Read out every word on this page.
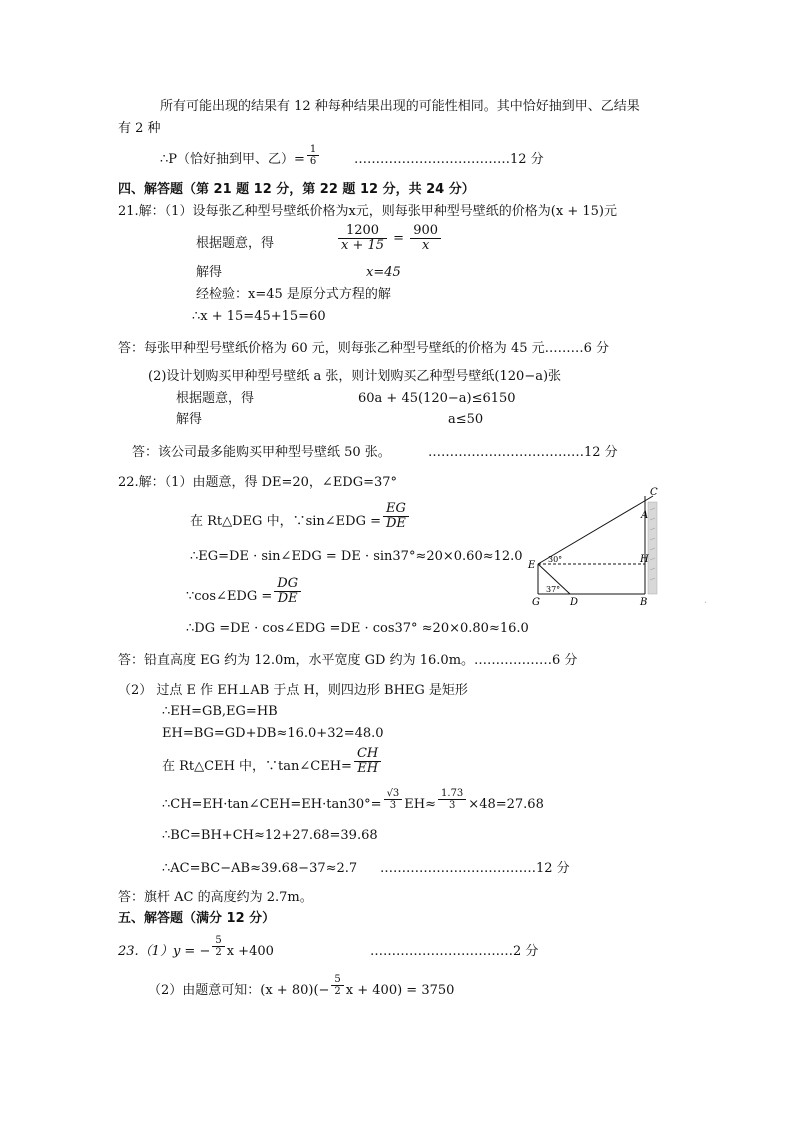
所有可能出现的结果有 12 种每种结果出现的可能性相同。其中恰好抽到甲、乙结果
有 2 种
∴P（恰好抽到甲、乙）= $\frac{1}{6}$	………………………………12 分
四、解答题（第 21 题 12 分，第 22 题 12 分，共 24 分）
21.解：（1）设每张乙种型号壁纸价格为x元，则每张甲种型号壁纸的价格为(x + 15)元
根据题意，得	$\frac{1200}{x + 15} = \frac{900}{x}$
解得	x=45
经检验：x=45 是原分式方程的解
∴x + 15=45+15=60
答：每张甲种型号壁纸价格为 60 元，则每张乙种型号壁纸的价格为 45 元………6 分
(2)设计划购买甲种型号壁纸 a 张，则计划购买乙种型号壁纸(120−a)张
根据题意，得	60a + 45(120−a)≤6150
解得	a≤50
答：该公司最多能购买甲种型号壁纸 50 张。	………………………………12 分
22.解：（1）由题意，得 DE=20，∠EDG=37°
在 Rt△DEG 中，∵sin∠EDG = $\frac{EG}{DE}$
∴EG=DE · sin∠EDG = DE · sin37°≈20×0.60≈12.0
∵cos∠EDG = $\frac{DG}{DE}$
∴DG =DE · cos∠EDG =DE · cos37° ≈20×0.80≈16.0
答：铅直高度 EG 约为 12.0m，水平宽度 GD 约为 16.0m。………………6 分
（2） 过点 E 作 EH⊥AB 于点 H，则四边形 BHEG 是矩形
∴EH=GB,EG=HB
EH=BG=GD+DB≈16.0+32=48.0
在 Rt△CEH 中，∵tan∠CEH= $\frac{CH}{EH}$
∴CH=EH·tan∠CEH=EH·tan30°= $\frac{√3}{3} EH\approx \frac{1.73}{3} \times 48=27.68$
∴BC=BH+CH≈12+27.68=39.68
∴AC=BC−AB≈39.68−37≈2.7 ………………………………12 分
答：旗杆 AC 的高度约为 2.7m。
C
A
H
E
G	D	B
30°
37°
·
五、解答题（满分 12 分）
23.（1）y = − $\frac{5}{2}$ x +400	……………………………2 分
（2）由题意可知：$(x + 80)(- \frac{5}{2}$ x + 400) = 3750
